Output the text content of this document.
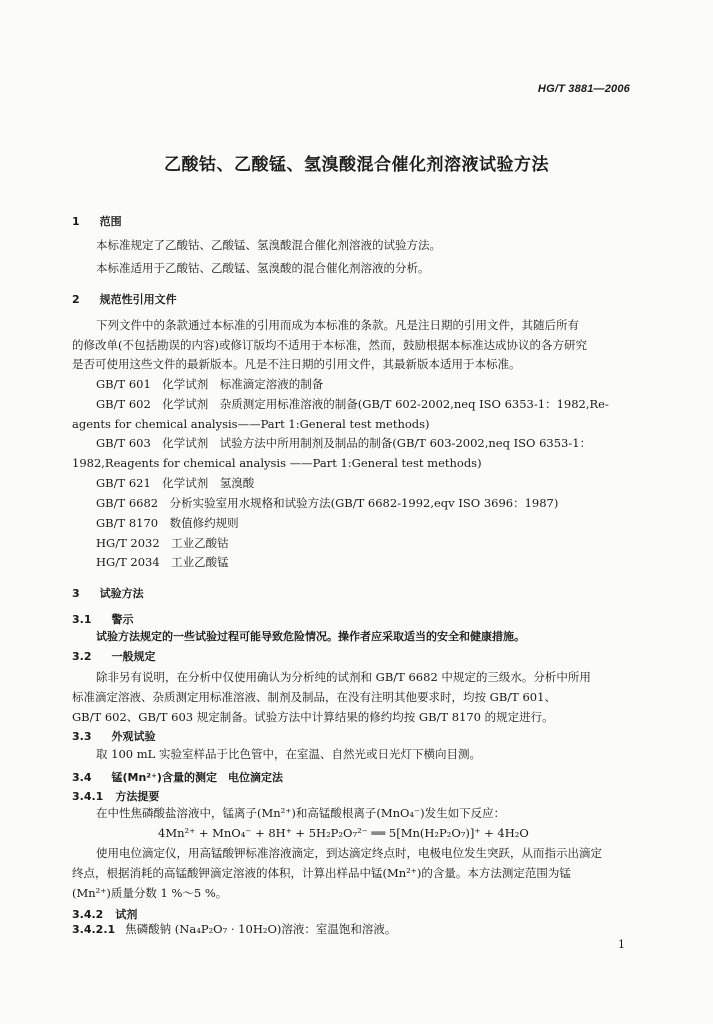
HG/T 3881—2006
乙酸钴、乙酸锰、氢溴酸混合催化剂溶液试验方法
1 范围
本标准规定了乙酸钴、乙酸锰、氢溴酸混合催化剂溶液的试验方法。
本标准适用于乙酸钴、乙酸锰、氢溴酸的混合催化剂溶液的分析。
2 规范性引用文件
下列文件中的条款通过本标准的引用而成为本标准的条款。凡是注日期的引用文件，其随后所有
的修改单(不包括勘误的内容)或修订版均不适用于本标准，然而，鼓励根据本标准达成协议的各方研究
是否可使用这些文件的最新版本。凡是不注日期的引用文件，其最新版本适用于本标准。
GB/T 601　化学试剂　标准滴定溶液的制备
GB/T 602　化学试剂　杂质测定用标准溶液的制备(GB/T 602-2002,neq ISO 6353-1：1982,Re-
agents for chemical analysis——Part 1:General test methods)
GB/T 603　化学试剂　试验方法中所用制剂及制品的制备(GB/T 603-2002,neq ISO 6353-1：
1982,Reagents for chemical analysis ——Part 1:General test methods)
GB/T 621　化学试剂　氢溴酸
GB/T 6682　分析实验室用水规格和试验方法(GB/T 6682-1992,eqv ISO 3696：1987)
GB/T 8170　数值修约规则
HG/T 2032　工业乙酸钴
HG/T 2034　工业乙酸锰
3 试验方法
3.1 警示
试验方法规定的一些试验过程可能导致危险情况。操作者应采取适当的安全和健康措施。
3.2 一般规定
除非另有说明，在分析中仅使用确认为分析纯的试剂和 GB/T 6682 中规定的三级水。分析中所用
标准滴定溶液、杂质测定用标准溶液、制剂及制品，在没有注明其他要求时，均按 GB/T 601、
GB/T 602、GB/T 603 规定制备。试验方法中计算结果的修约均按 GB/T 8170 的规定进行。
3.3 外观试验
取 100 mL 实验室样品于比色管中，在室温、自然光或日光灯下横向目测。
3.4 锰(Mn²⁺)含量的测定　电位滴定法
3.4.1 方法提要
在中性焦磷酸盐溶液中，锰离子(Mn²⁺)和高锰酸根离子(MnO₄⁻)发生如下反应：
4Mn²⁺ + MnO₄⁻ + 8H⁺ + 5H₂P₂O₇²⁻ ══ 5[Mn(H₂P₂O₇)]⁺ + 4H₂O
使用电位滴定仪，用高锰酸钾标准溶液滴定，到达滴定终点时，电极电位发生突跃，从而指示出滴定
终点，根据消耗的高锰酸钾滴定溶液的体积，计算出样品中锰(Mn²⁺)的含量。本方法测定范围为锰
(Mn²⁺)质量分数 1 %～5 %。
3.4.2 试剂
3.4.2.1 焦磷酸钠 (Na₄P₂O₇ · 10H₂O)溶液：室温饱和溶液。
1
